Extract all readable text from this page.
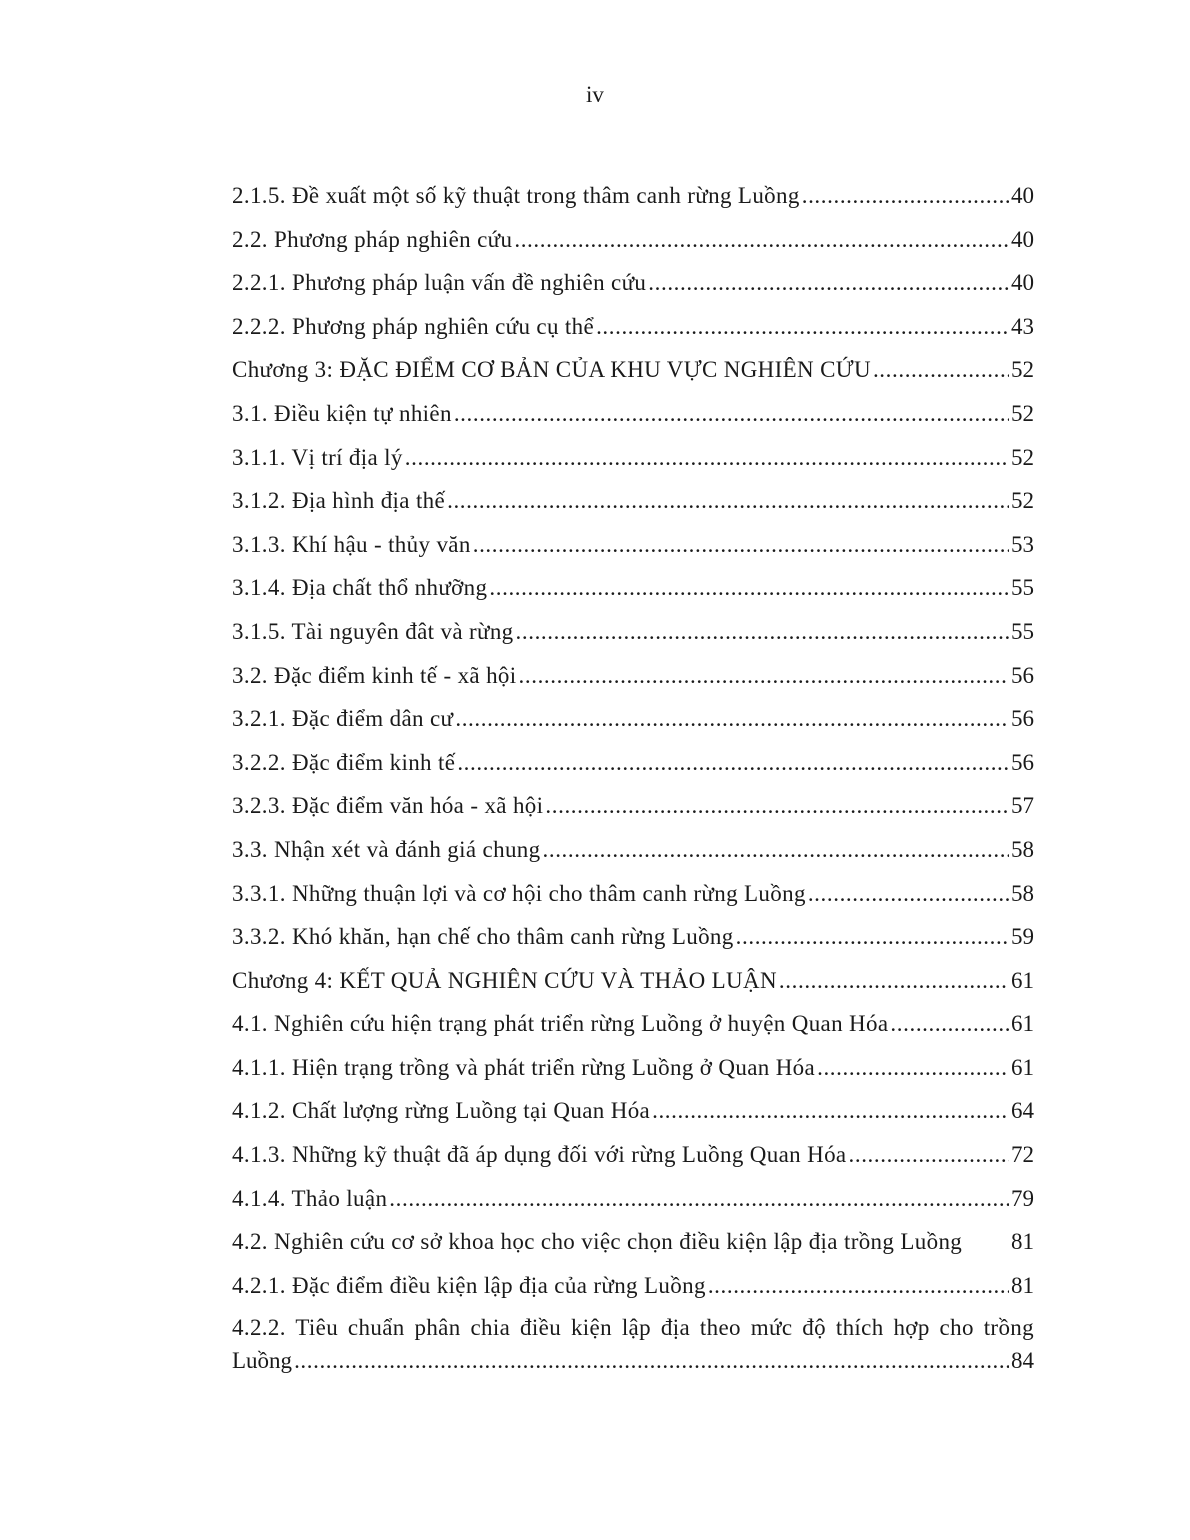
iv
2.1.5. Đề xuất một số kỹ thuật trong thâm canh rừng Luồng .....	40
2.2. Phương pháp nghiên cứu .....	40
2.2.1. Phương pháp luận vấn đề nghiên cứu .....	40
2.2.2. Phương pháp nghiên cứu cụ thể .....	43
Chương 3: ĐẶC ĐIỂM CƠ BẢN CỦA KHU VỰC NGHIÊN CỨU .....	52
3.1. Điều kiện tự nhiên .....	52
3.1.1. Vị trí địa lý .....	52
3.1.2. Địa hình địa thế .....	52
3.1.3. Khí hậu - thủy văn .....	53
3.1.4. Địa chất thổ nhưỡng .....	55
3.1.5. Tài nguyên đât và rừng .....	55
3.2. Đặc điểm kinh tế - xã hội .....	56
3.2.1. Đặc điểm dân cư .....	56
3.2.2. Đặc điểm kinh tế .....	56
3.2.3. Đặc điểm văn hóa - xã hội .....	57
3.3. Nhận xét và đánh giá chung .....	58
3.3.1. Những thuận lợi và cơ hội cho thâm canh rừng Luồng .....	58
3.3.2. Khó khăn, hạn chế cho thâm canh rừng Luồng .....	59
Chương 4: KẾT QUẢ NGHIÊN CỨU VÀ THẢO LUẬN .....	61
4.1. Nghiên cứu hiện trạng phát triển rừng Luồng ở huyện Quan Hóa .....	61
4.1.1. Hiện trạng trồng và phát triển rừng Luồng ở Quan Hóa .....	61
4.1.2. Chất lượng rừng Luồng tại Quan Hóa .....	64
4.1.3. Những kỹ thuật đã áp dụng đối với rừng Luồng Quan Hóa .....	72
4.1.4. Thảo luận .....	79
4.2. Nghiên cứu cơ sở khoa học cho việc chọn điều kiện lập địa trồng Luồng	81
4.2.1. Đặc điểm điều kiện lập địa của rừng Luồng .....	81
4.2.2. Tiêu chuẩn phân chia điều kiện lập địa theo mức độ thích hợp cho trồng
Luồng .....	84
